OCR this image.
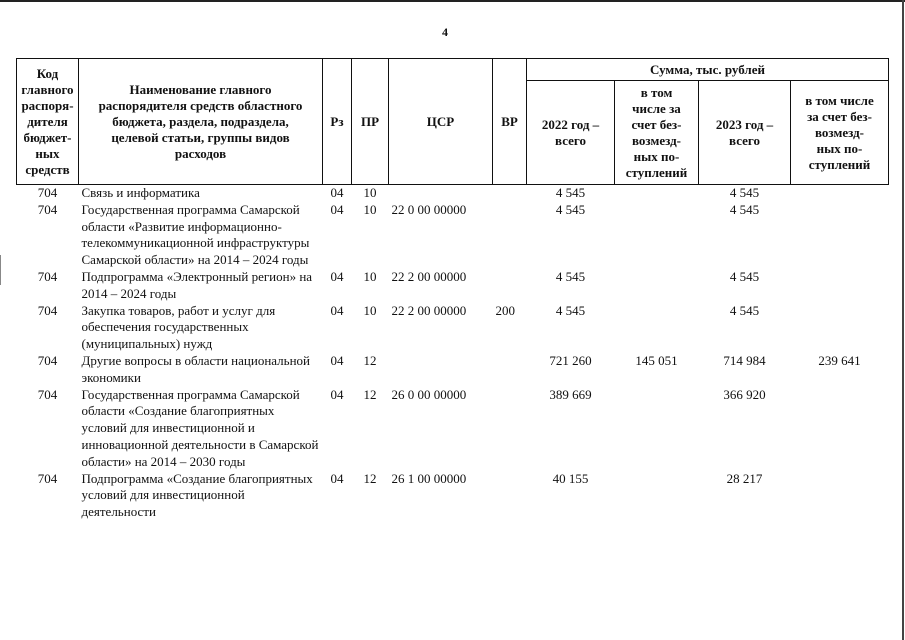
4
Код главного распоря-дителя бюджет-ных средств	Наименование главного распорядителя средств областного бюджета, раздела, подраздела, целевой статьи, группы видов расходов	Рз	ПР	ЦСР	ВР	Сумма, тыс. рублей			
						2022 год – всего	в том числе за счет без-возмезд-ных по-ступлений	2023 год – всего	в том числе за счет без-возмезд-ных по-ступлений
704	Связь и информатика	04	10			4 545		4 545	
704	Государственная программа Самарской области «Развитие информационно-телекоммуникационной инфраструктуры Самарской области» на 2014 – 2024 годы	04	10	22 0 00 00000		4 545		4 545	
704	Подпрограмма «Электронный регион» на 2014 – 2024 годы	04	10	22 2 00 00000		4 545		4 545	
704	Закупка товаров, работ и услуг для обеспечения государственных (муниципальных) нужд	04	10	22 2 00 00000	200	4 545		4 545	
704	Другие вопросы в области национальной экономики	04	12			721 260	145 051	714 984	239 641
704	Государственная программа Самарской области «Создание благоприятных условий для инвестиционной и инновационной деятельности в Самарской области» на 2014 – 2030 годы	04	12	26 0 00 00000		389 669		366 920	
704	Подпрограмма «Создание благоприятных условий для инвестиционной деятельности	04	12	26 1 00 00000		40 155		28 217	
